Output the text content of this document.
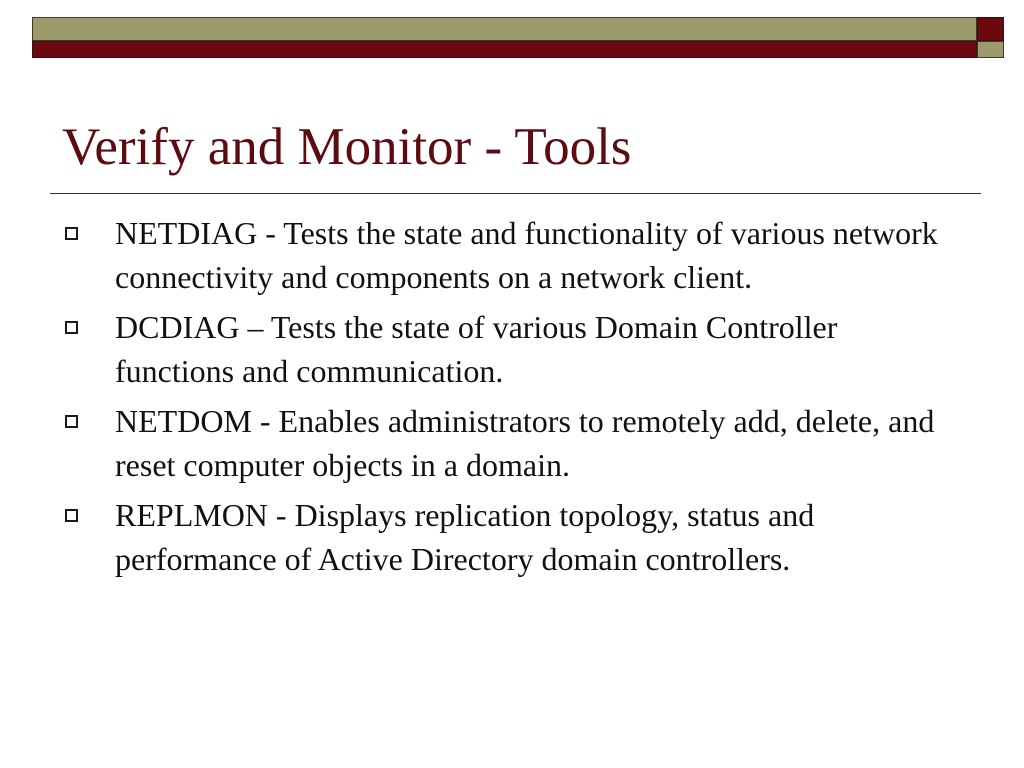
Verify and Monitor - Tools
NETDIAG - Tests the state and functionality of various network connectivity and components on a network client.
DCDIAG – Tests the state of various Domain Controller functions and communication.
NETDOM - Enables administrators to remotely add, delete, and reset computer objects in a domain.
REPLMON - Displays replication topology, status and performance of Active Directory domain controllers.
